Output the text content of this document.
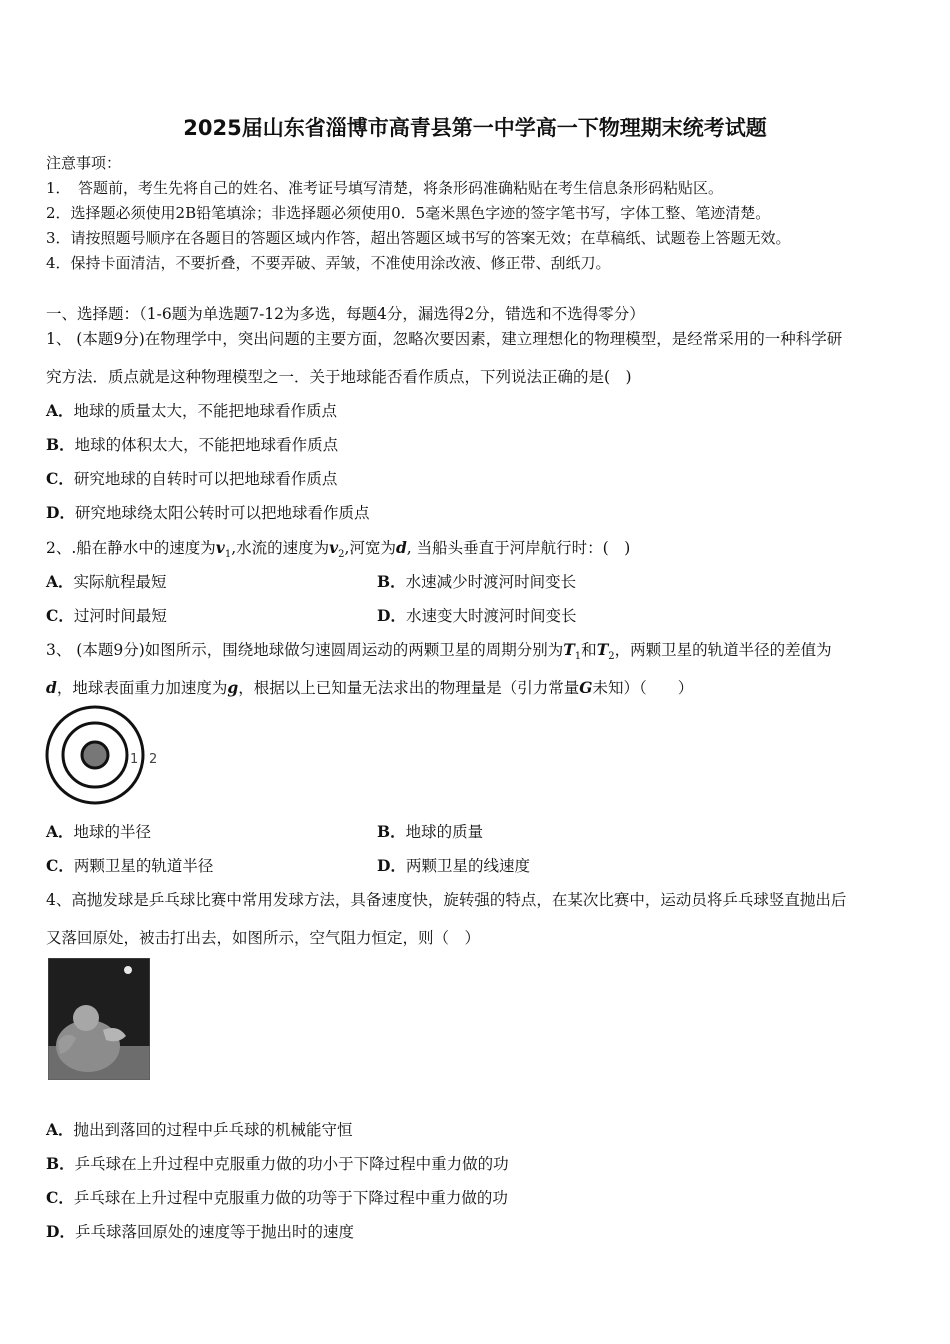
2025届山东省淄博市高青县第一中学高一下物理期末统考试题
注意事项：
1．　答题前，考生先将自己的姓名、准考证号填写清楚，将条形码准确粘贴在考生信息条形码粘贴区。
2．选择题必须使用2B铅笔填涂；非选择题必须使用0．5毫米黑色字迹的签字笔书写，字体工整、笔迹清楚。
3．请按照题号顺序在各题目的答题区域内作答，超出答题区域书写的答案无效；在草稿纸、试题卷上答题无效。
4．保持卡面清洁，不要折叠，不要弄破、弄皱，不准使用涂改液、修正带、刮纸刀。
一、选择题：（1-6题为单选题7-12为多选，每题4分，漏选得2分，错选和不选得零分）
1、 (本题9分)在物理学中，突出问题的主要方面，忽略次要因素，建立理想化的物理模型，是经常采用的一种科学研
究方法．质点就是这种物理模型之一．关于地球能否看作质点，下列说法正确的是(　)
A．地球的质量太大，不能把地球看作质点
B．地球的体积太大，不能把地球看作质点
C．研究地球的自转时可以把地球看作质点
D．研究地球绕太阳公转时可以把地球看作质点
2、.船在静水中的速度为$v_1$,水流的速度为$v_2$,河宽为d, 当船头垂直于河岸航行时：(　)
A．实际航程最短	B．水速减少时渡河时间变长
C．过河时间最短	D．水速变大时渡河时间变长
3、 (本题9分)如图所示，围绕地球做匀速圆周运动的两颗卫星的周期分别为$T_1$和$T_2$，两颗卫星的轨道半径的差值为
d，地球表面重力加速度为g，根据以上已知量无法求出的物理量是（引力常量G未知）（　　）
1 2
A．地球的半径	B．地球的质量
C．两颗卫星的轨道半径	D．两颗卫星的线速度
4、高抛发球是乒乓球比赛中常用发球方法，具备速度快，旋转强的特点，在某次比赛中，运动员将乒乓球竖直抛出后
又落回原处，被击打出去，如图所示，空气阻力恒定，则（　）
A．抛出到落回的过程中乒乓球的机械能守恒
B．乒乓球在上升过程中克服重力做的功小于下降过程中重力做的功
C．乒乓球在上升过程中克服重力做的功等于下降过程中重力做的功
D．乒乓球落回原处的速度等于抛出时的速度
